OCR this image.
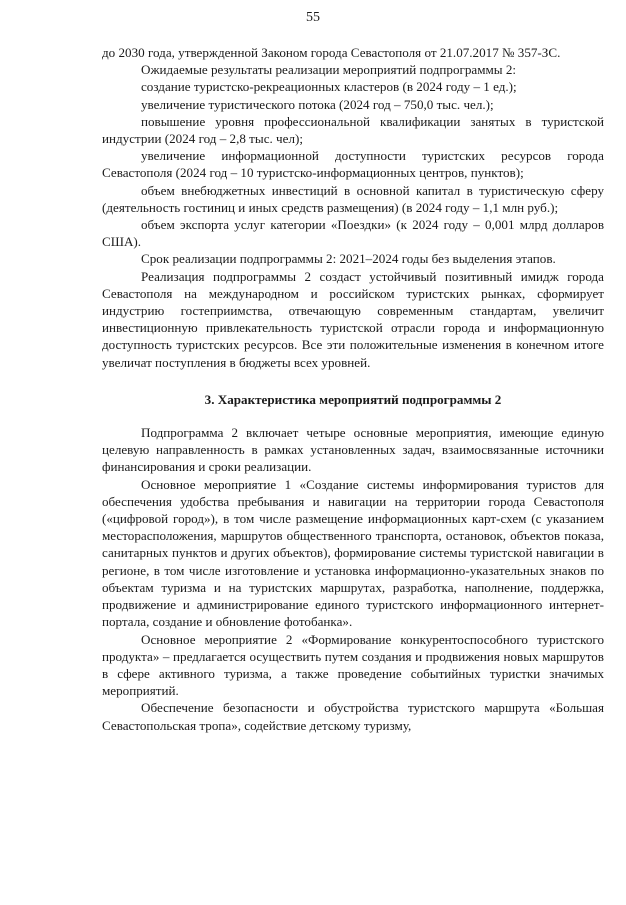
55

до 2030 года, утвержденной Законом города Севастополя от 21.07.2017 № 357-ЗС.

Ожидаемые результаты реализации мероприятий подпрограммы 2:

создание туристско-рекреационных кластеров (в 2024 году – 1 ед.);

увеличение туристического потока (2024 год – 750,0 тыс. чел.);

повышение уровня профессиональной квалификации занятых в туристской индустрии (2024 год – 2,8 тыс. чел);

увеличение информационной доступности туристских ресурсов города Севастополя (2024 год – 10 туристско-информационных центров, пунктов);

объем внебюджетных инвестиций в основной капитал в туристическую сферу (деятельность гостиниц и иных средств размещения) (в 2024 году – 1,1 млн руб.);

объем экспорта услуг категории «Поездки» (к 2024 году – 0,001 млрд долларов США).

Срок реализации подпрограммы 2: 2021–2024 годы без выделения этапов.

Реализация подпрограммы 2 создаст устойчивый позитивный имидж города Севастополя на международном и российском туристских рынках, сформирует индустрию гостеприимства, отвечающую современным стандартам, увеличит инвестиционную привлекательность туристской отрасли города и информационную доступность туристских ресурсов. Все эти положительные изменения в конечном итоге увеличат поступления в бюджеты всех уровней.

3. Характеристика мероприятий подпрограммы 2

Подпрограмма 2 включает четыре основные мероприятия, имеющие единую целевую направленность в рамках установленных задач, взаимосвязанные источники финансирования и сроки реализации.

Основное мероприятие 1 «Создание системы информирования туристов для обеспечения удобства пребывания и навигации на территории города Севастополя («цифровой город»), в том числе размещение информационных карт-схем (с указанием месторасположения, маршрутов общественного транспорта, остановок, объектов показа, санитарных пунктов и других объектов), формирование системы туристской навигации в регионе, в том числе изготовление и установка информационно-указательных знаков по объектам туризма и на туристских маршрутах, разработка, наполнение, поддержка, продвижение и администрирование единого туристского информационного интернет-портала, создание и обновление фотобанка».

Основное мероприятие 2 «Формирование конкурентоспособного туристского продукта» – предлагается осуществить путем создания и продвижения новых маршрутов в сфере активного туризма, а также проведение событийных туристки значимых мероприятий.

Обеспечение безопасности и обустройства туристского маршрута «Большая Севастопольская тропа», содействие детскому туризму,
